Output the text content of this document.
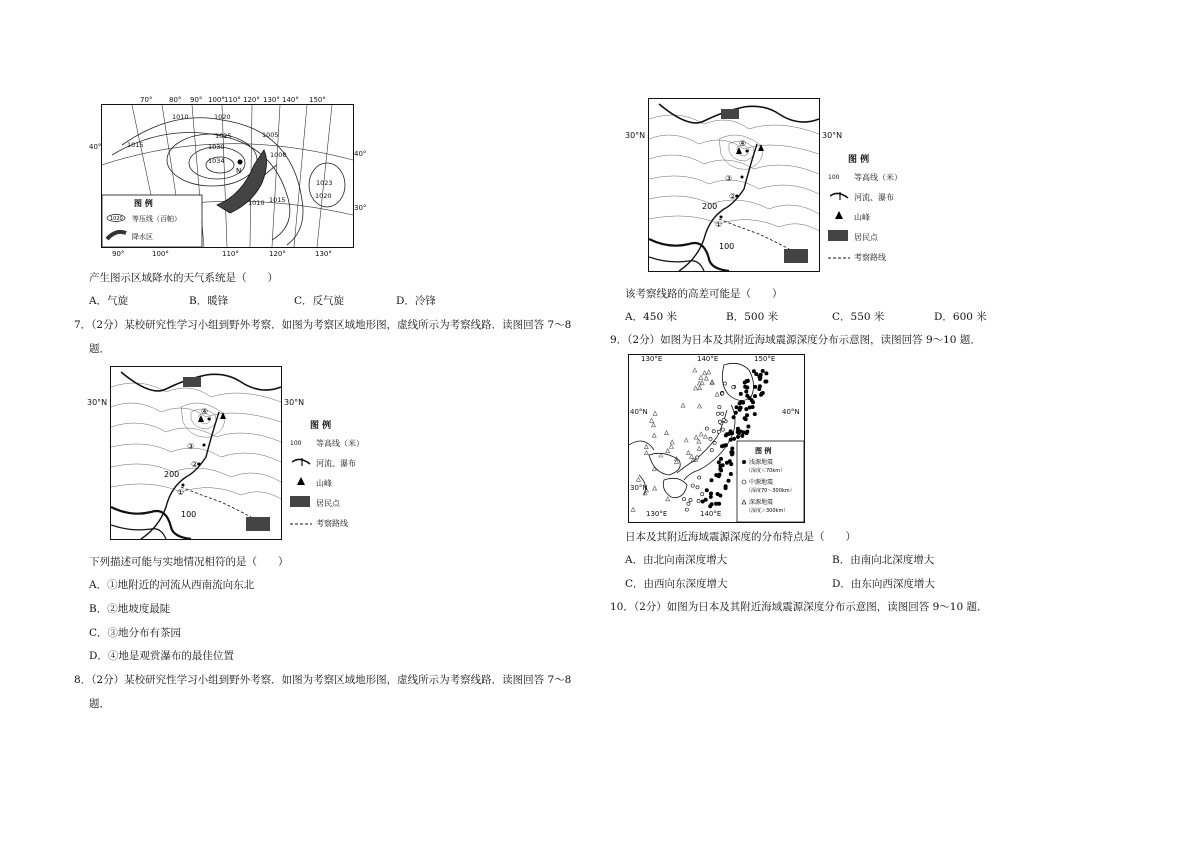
N
1010
1015
1020
1025
1030
1034
1005
1008
1010 1015
1023
1020
图 例
1020 等压线（百帕）
降水区
70° 80° 90° 100° 110° 120° 130° 140° 150°
90°	100°	110°	120°	130°
40°
40°
30°
产生图示区域降水的天气系统是（　　）
A．气旋	B．暖锋	C．反气旋	D．冷锋
7．（2分）某校研究性学习小组到野外考察．如图为考察区域地形图，虚线所示为考察线路．读图回答 7～8
题．
①
②
③
④
200
100
30°N	30°N
图 例
100 等高线（米）
河流、瀑布
山峰
居民点
考察路线
下列描述可能与实地情况相符的是（　　）
A．①地附近的河流从西南流向东北
B．②地坡度最陡
C．③地分布有茶园
D．④地是观赏瀑布的最佳位置
8．（2分）某校研究性学习小组到野外考察．如图为考察区域地形图，虚线所示为考察线路．读图回答 7～8
题．
①
②
③
④
200
100
30°N	30°N
图 例
100 等高线（米）
河流、瀑布
山峰
居民点
考察路线
该考察线路的高差可能是（　　）
A．450 米	B．500 米	C．550 米	D．600 米
9．（2分）如图为日本及其附近海域震源深度分布示意图，读图回答 9～10 题．
图 例
浅源地震
（深度＜70km）
中源地震
（深度70～300km）
深源地震
（深度＞300km）
130°E	140°E	150°E
130°E	140°E
40°N
30°N
40°N
日本及其附近海域震源深度的分布特点是（　　）
A．由北向南深度增大	B．由南向北深度增大
C．由西向东深度增大	D．由东向西深度增大
10．（2分）如图为日本及其附近海域震源深度分布示意图，读图回答 9～10 题．
